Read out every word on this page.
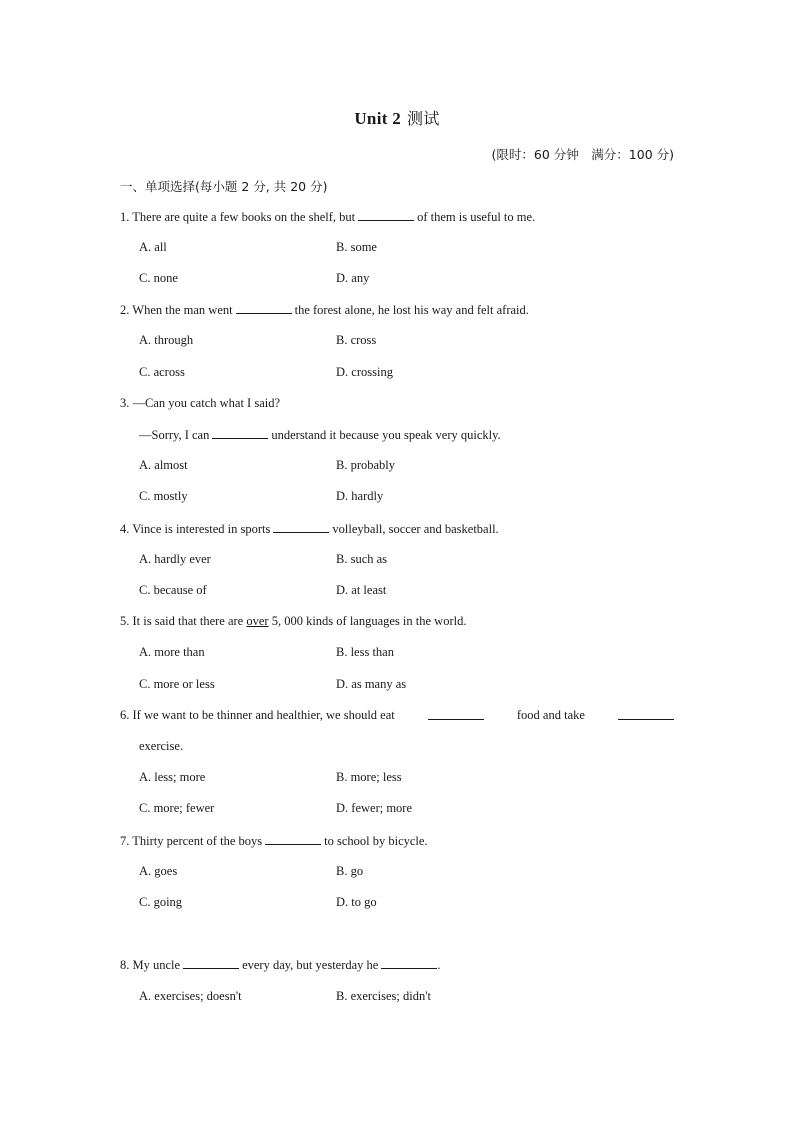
Unit 2 测试
(限时：60 分钟　满分：100 分)
一、单项选择(每小题 2 分, 共 20 分)
1. There are quite a few books on the shelf, but	of them is useful to me.
A. all	B. some
C. none	D. any
2. When the man went	the forest alone, he lost his way and felt afraid.
A. through	B. cross
C. across	D. crossing
3. —Can you catch what I said?
—Sorry, I can	understand it because you speak very quickly.
A. almost	B. probably
C. mostly	D. hardly
4. Vince is interested in sports	volleyball, soccer and basketball.
A. hardly ever	B. such as
C. because of	D. at least
5. It is said that there are over 5, 000 kinds of languages in the world.
A. more than	B. less than
C. more or less	D. as many as
6. If we want to be thinner and healthier, we should eat	food and take
exercise.
A. less; more	B. more; less
C. more; fewer	D. fewer; more
7. Thirty percent of the boys	to school by bicycle.
A. goes	B. go
C. going	D. to go
8. My uncle	every day, but yesterday he	.
A. exercises; doesn't	B. exercises; didn't
